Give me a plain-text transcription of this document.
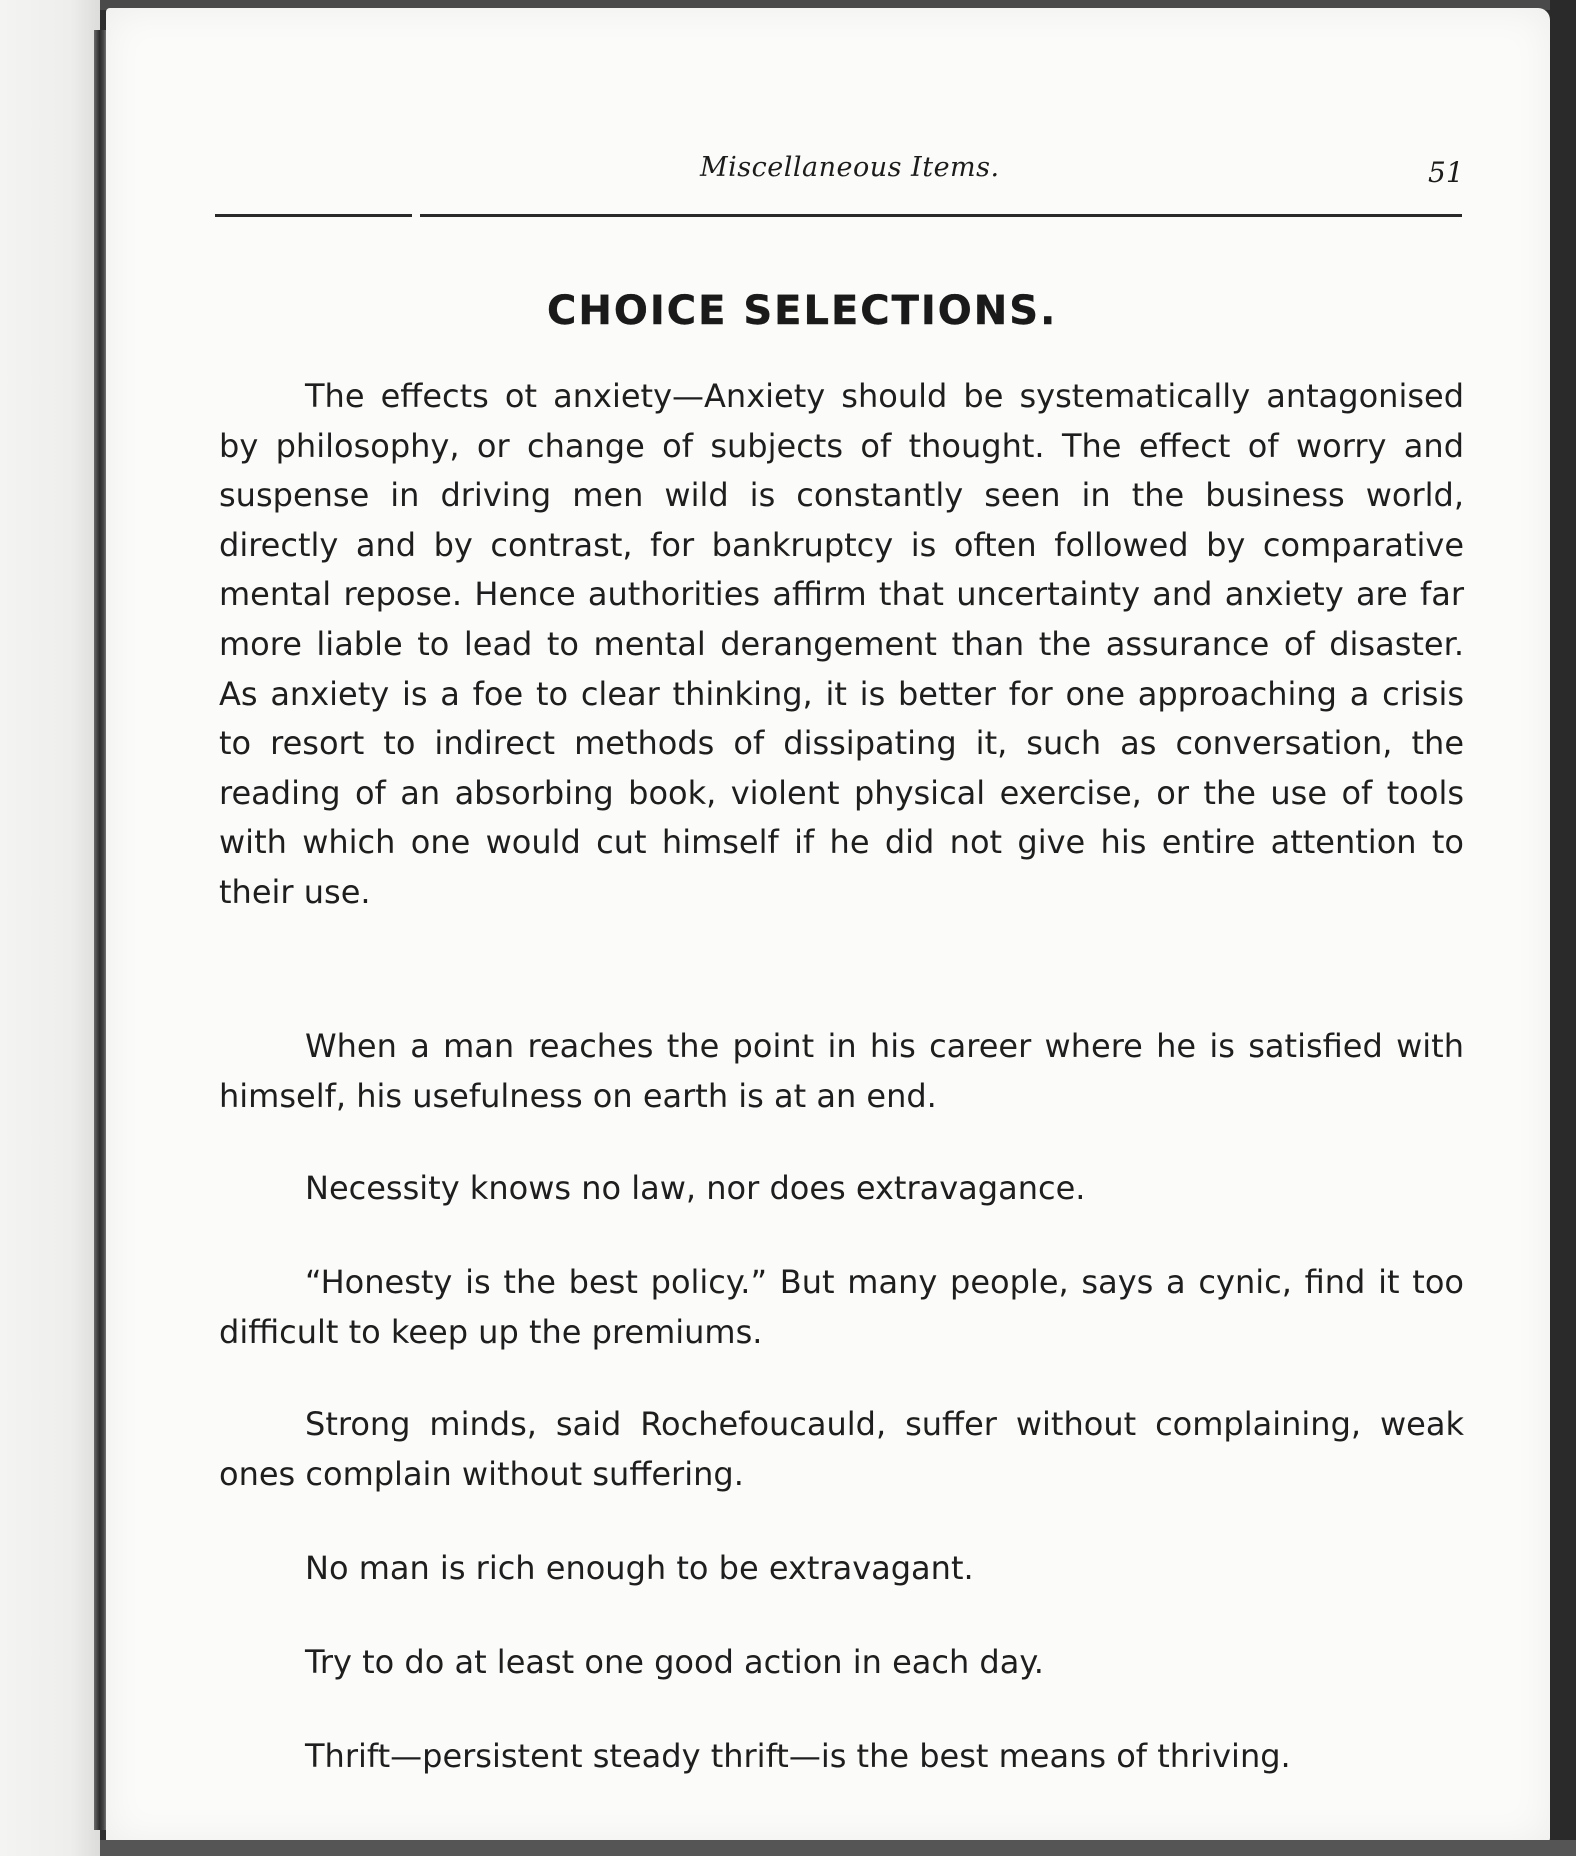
Miscellaneous Items.	51
CHOICE SELECTIONS.

The effects ot anxiety—Anxiety should be systematically antagonised by philosophy, or change of subjects of thought. The effect of worry and suspense in driving men wild is constantly seen in the business world, directly and by contrast, for bankruptcy is often followed by comparative mental repose. Hence authorities affirm that uncertainty and anxiety are far more liable to lead to mental derangement than the assurance of disaster. As anxiety is a foe to clear thinking, it is better for one approaching a crisis to resort to indirect methods of dissipating it, such as conversation, the reading of an absorbing book, violent physical exercise, or the use of tools with which one would cut himself if he did not give his entire attention to their use.

When a man reaches the point in his career where he is satisfied with himself, his usefulness on earth is at an end.

Necessity knows no law, nor does extravagance.

“Honesty is the best policy.” But many people, says a cynic, find it too difficult to keep up the premiums.

Strong minds, said Rochefoucauld, suffer without complaining, weak ones complain without suffering.

No man is rich enough to be extravagant.

Try to do at least one good action in each day.

Thrift—persistent steady thrift—is the best means of thriving.
